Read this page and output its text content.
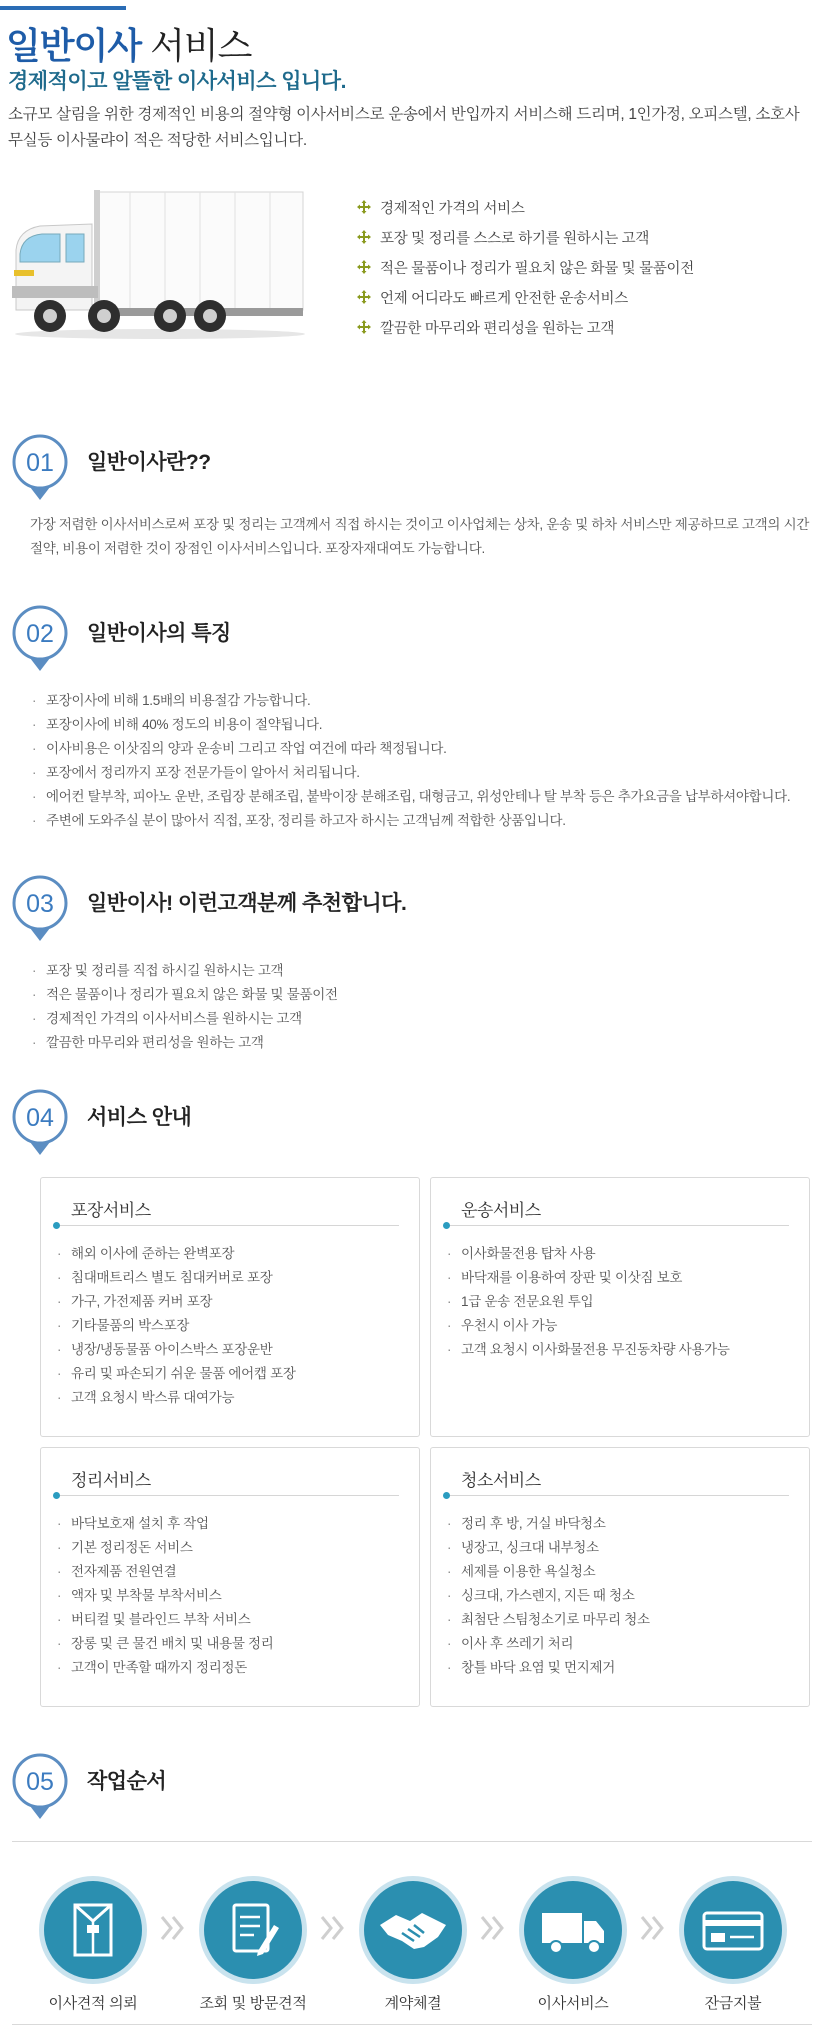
일반이사 서비스
경제적이고 알뜰한 이사서비스 입니다.
소규모 살림을 위한 경제적인 비용의 절약형 이사서비스로 운송에서 반입까지 서비스해 드리며, 1인가정, 오피스텔, 소호사무실등 이사물랴이 적은 적당한 서비스입니다.
경제적인 가격의 서비스
포장 및 정리를 스스로 하기를 원하시는 고객
적은 물품이나 정리가 필요치 않은 화물 및 물품이전
언제 어디라도 빠르게 안전한 운송서비스
깔끔한 마무리와 편리성을 원하는 고객
01 일반이사란??
가장 저렴한 이사서비스로써 포장 및 정리는 고객께서 직접 하시는 것이고 이사업체는 상차, 운송 및 하차 서비스만 제공하므로 고객의 시간절약, 비용이 저렴한 것이 장점인 이사서비스입니다. 포장자재대여도 가능합니다.
02 일반이사의 특징
· 포장이사에 비해 1.5배의 비용절감 가능합니다.
· 포장이사에 비해 40% 정도의 비용이 절약됩니다.
· 이사비용은 이삿짐의 양과 운송비 그리고 작업 여건에 따라 책정됩니다.
· 포장에서 정리까지 포장 전문가들이 알아서 처리됩니다.
· 에어컨 탈부착, 피아노 운반, 조립장 분해조립, 붙박이장 분해조립, 대형금고, 위성안테나 탈 부착 등은 추가요금을 납부하셔야합니다.
· 주변에 도와주실 분이 많아서 직접, 포장, 정리를 하고자 하시는 고객님께 적합한 상품입니다.
03 일반이사! 이런고객분께 추천합니다.
· 포장 및 정리를 직접 하시길 원하시는 고객
· 적은 물품이나 정리가 필요치 않은 화물 및 물품이전
· 경제적인 가격의 이사서비스를 원하시는 고객
· 깔끔한 마무리와 편리성을 원하는 고객
04 서비스 안내
포장서비스
· 해외 이사에 준하는 완벽포장
· 침대매트리스 별도 침대커버로 포장
· 가구, 가전제품 커버 포장
· 기타물품의 박스포장
· 냉장/냉동물품 아이스박스 포장운반
· 유리 및 파손되기 쉬운 물품 에어캡 포장
· 고객 요청시 박스류 대여가능
운송서비스
· 이사화물전용 탑차 사용
· 바닥재를 이용하여 장판 및 이삿짐 보호
· 1급 운송 전문요원 투입
· 우천시 이사 가능
· 고객 요청시 이사화물전용 무진동차량 사용가능
정리서비스
· 바닥보호재 설치 후 작업
· 기본 정리정돈 서비스
· 전자제품 전원연결
· 액자 및 부착물 부착서비스
· 버티컬 및 블라인드 부착 서비스
· 장롱 및 큰 물건 배치 및 내용물 정리
· 고객이 만족할 때까지 정리정돈
청소서비스
· 정리 후 방, 거실 바닥청소
· 냉장고, 싱크대 내부청소
· 세제를 이용한 욕실청소
· 싱크대, 가스렌지, 지든 때 청소
· 최첨단 스팀청소기로 마무리 청소
· 이사 후 쓰레기 처리
· 창틀 바닥 요염 및 먼지제거
05 작업순서
이사견적 의뢰	조회 및 방문견적	계약체결	이사서비스	잔금지불
